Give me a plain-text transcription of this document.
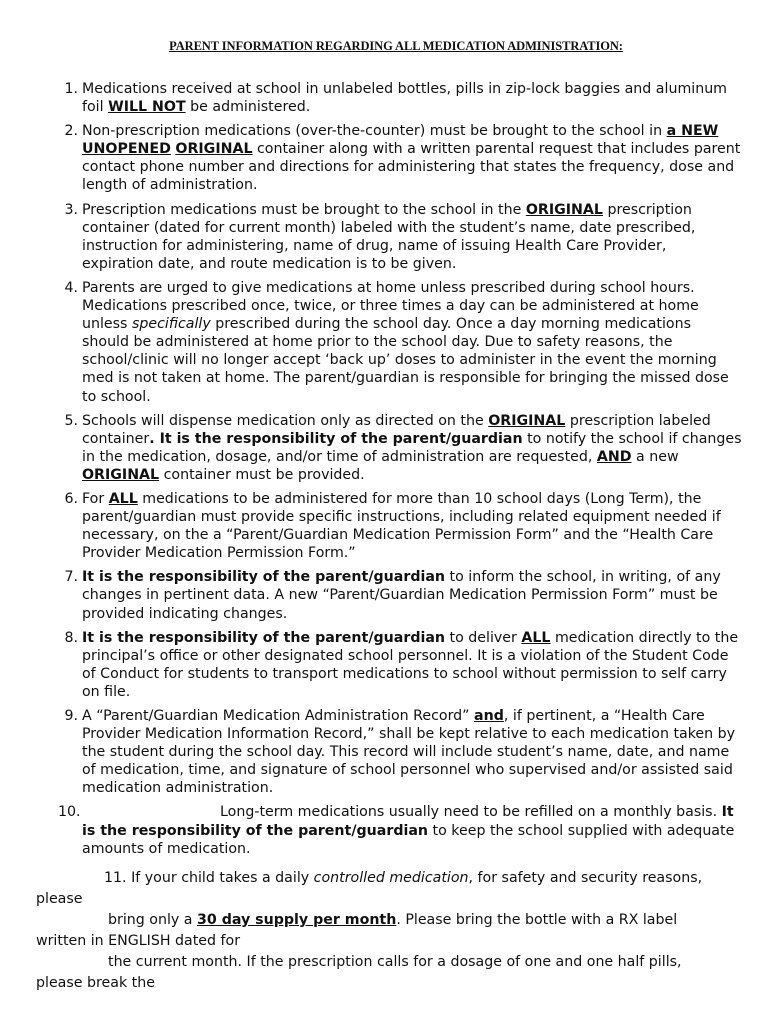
PARENT INFORMATION REGARDING ALL MEDICATION ADMINISTRATION:
1. Medications received at school in unlabeled bottles, pills in zip-lock baggies and aluminum foil WILL NOT be administered.
2. Non-prescription medications (over-the-counter) must be brought to the school in a NEW UNOPENED ORIGINAL container along with a written parental request that includes parent contact phone number and directions for administering that states the frequency, dose and length of administration.
3. Prescription medications must be brought to the school in the ORIGINAL prescription container (dated for current month) labeled with the student’s name, date prescribed, instruction for administering, name of drug, name of issuing Health Care Provider, expiration date, and route medication is to be given.
4. Parents are urged to give medications at home unless prescribed during school hours. Medications prescribed once, twice, or three times a day can be administered at home unless specifically prescribed during the school day. Once a day morning medications should be administered at home prior to the school day. Due to safety reasons, the school/clinic will no longer accept ‘back up’ doses to administer in the event the morning med is not taken at home. The parent/guardian is responsible for bringing the missed dose to school.
5. Schools will dispense medication only as directed on the ORIGINAL prescription labeled container. It is the responsibility of the parent/guardian to notify the school if changes in the medication, dosage, and/or time of administration are requested, AND a new ORIGINAL container must be provided.
6. For ALL medications to be administered for more than 10 school days (Long Term), the parent/guardian must provide specific instructions, including related equipment needed if necessary, on the a “Parent/Guardian Medication Permission Form” and the “Health Care Provider Medication Permission Form.”
7. It is the responsibility of the parent/guardian to inform the school, in writing, of any changes in pertinent data. A new “Parent/Guardian Medication Permission Form” must be provided indicating changes.
8. It is the responsibility of the parent/guardian to deliver ALL medication directly to the principal’s office or other designated school personnel. It is a violation of the Student Code of Conduct for students to transport medications to school without permission to self carry on file.
9. A “Parent/Guardian Medication Administration Record” and, if pertinent, a “Health Care Provider Medication Information Record,” shall be kept relative to each medication taken by the student during the school day. This record will include student’s name, date, and name of medication, time, and signature of school personnel who supervised and/or assisted said medication administration.
10.	Long-term medications usually need to be refilled on a monthly basis. It is the responsibility of the parent/guardian to keep the school supplied with adequate amounts of medication.
11. If your child takes a daily controlled medication, for safety and security reasons,
please
bring only a 30 day supply per month. Please bring the bottle with a RX label
written in ENGLISH dated for
the current month. If the prescription calls for a dosage of one and one half pills,
please break the
